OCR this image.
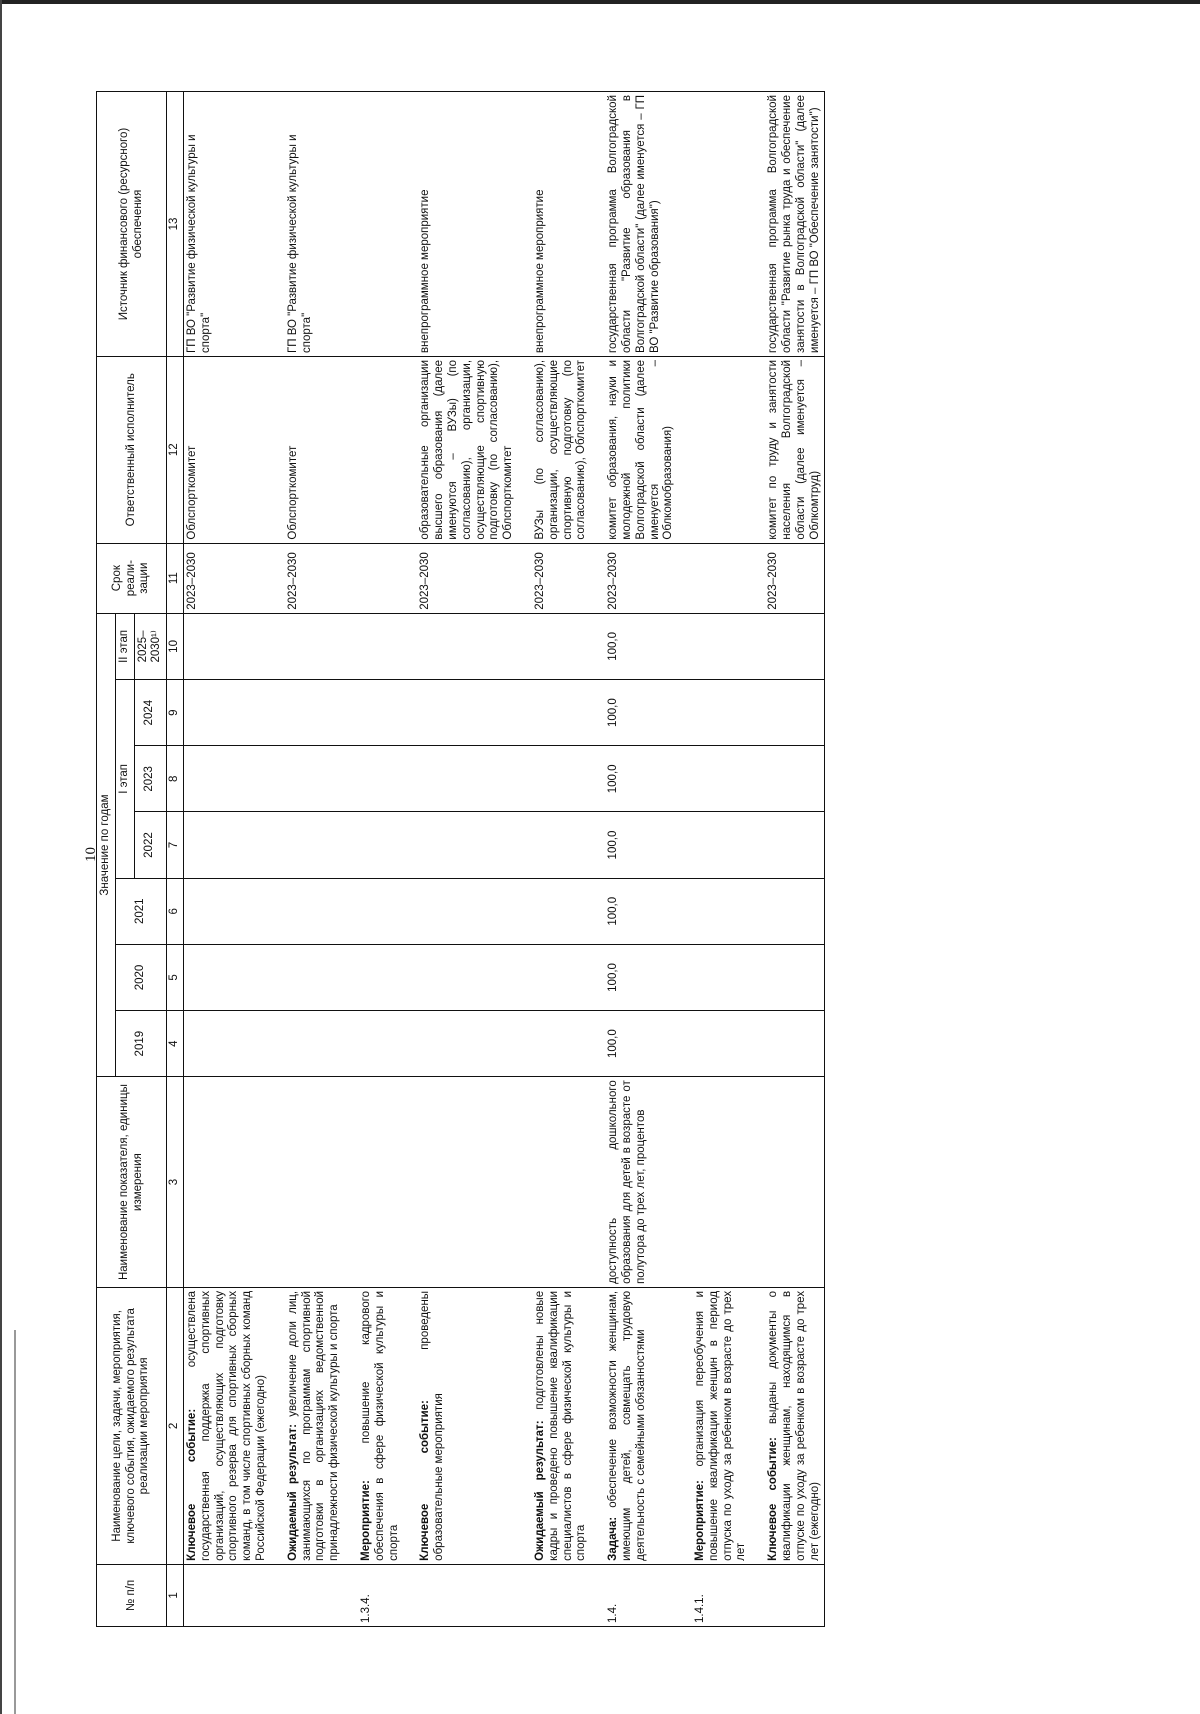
10
№ п/п	Наименование цели, задачи, мероприятия, ключевого события, ожидаемого результата реализации мероприятия	Наименование показателя, единицы измерения	Значение по годам							Срок реали-зации	Ответственный исполнитель	Источник финансового (ресурсного) обеспечения
			2019	2020	2021	I этап			II этап			
						2022	2023	2024	2025–2030¹⁾			
1	2	3	4	5	6	7	8	9	10	11	12	13
	Ключевое событие: осуществлена государственная поддержка спортивных организаций, осуществляющих подготовку спортивного резерва для спортивных сборных команд, в том числе спортивных сборных команд Российской Федерации (ежегодно)									2023–2030	Облспорткомитет	ГП ВО "Развитие физической культуры и спорта"

	Ожидаемый результат: увеличение доли лиц, занимающихся по программам спортивной подготовки в организациях ведомственной принадлежности физической культуры и спорта									2023–2030	Облспорткомитет	ГП ВО "Развитие физической культуры и спорта"

1.3.4.	Мероприятие: повышение кадрового обеспечения в сфере физической культуры и спорта											

	Ключевое событие: проведены образовательные мероприятия									2023–2030	образовательные организации высшего образования (далее именуются – ВУЗы) (по согласованию), организации, осуществляющие спортивную подготовку (по согласованию), Облспорткомитет	внепрограммное мероприятие

	Ожидаемый результат: подготовлены новые кадры и проведено повышение квалификации специалистов в сфере физической культуры и спорта									2023–2030	ВУЗы (по согласованию), организации, осуществляющие спортивную подготовку (по согласованию), Облспорткомитет	внепрограммное мероприятие

1.4.	Задача: обеспечение возможности женщинам, имеющим детей, совмещать трудовую деятельность с семейными обязанностями	доступность дошкольного образования для детей в возрасте от полутора до трех лет, процентов	100,0	100,0	100,0	100,0	100,0	100,0	100,0	2023–2030	комитет образования, науки и молодежной политики Волгоградской области (далее именуется – Облкомобразования)	государственная программа Волгоградской области "Развитие образования в Волгоградской области" (далее именуется – ГП ВО "Развитие образования")

1.4.1.	Мероприятие: организация переобучения и повышение квалификации женщин в период отпуска по уходу за ребенком в возрасте до трех лет											

	Ключевое событие: выданы документы о квалификации женщинам, находящимся в отпуске по уходу за ребенком в возрасте до трех лет (ежегодно)									2023–2030	комитет по труду и занятости населения Волгоградской области (далее именуется – Облкомтруд)	государственная программа Волгоградской области "Развитие рынка труда и обеспечение занятости в Волгоградской области" (далее именуется – ГП ВО "Обеспечение занятости")
